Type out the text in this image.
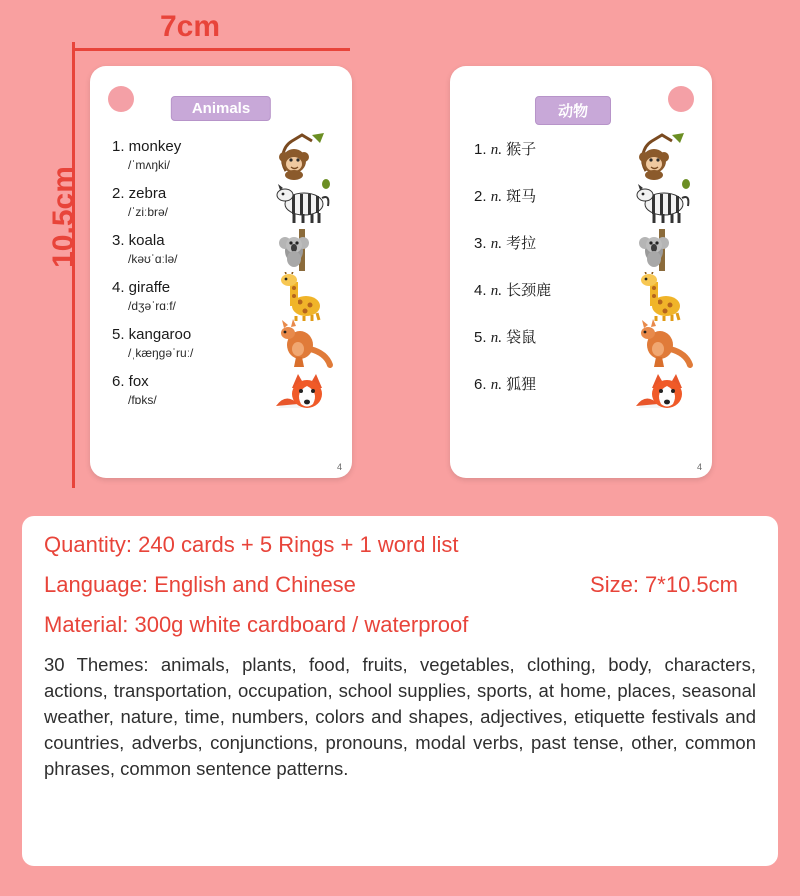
7cm
10.5cm
Animals
1. monkey
/ˈmʌŋki/
2. zebra
/ˈziːbrə/
3. koala
/kəʊˈɑːlə/
4. giraffe
/dʒəˈrɑːf/
5. kangaroo
/ˌkæŋɡəˈruː/
6. fox
/fɒks/
4
动物
1. n. 猴子
2. n. 斑马
3. n. 考拉
4. n. 长颈鹿
5. n. 袋鼠
6. n. 狐狸
4
Quantity: 240 cards + 5 Rings + 1 word list
Language: English and Chinese	Size: 7*10.5cm
Material: 300g white cardboard / waterproof
30 Themes: animals, plants, food, fruits, vegetables, clothing, body, characters, actions, transportation, occupation, school supplies, sports, at home, places, seasonal weather, nature, time, numbers, colors and shapes, adjectives, etiquette festivals and countries, adverbs, conjunctions, pronouns, modal verbs, past tense, other, common phrases, common sentence patterns.
